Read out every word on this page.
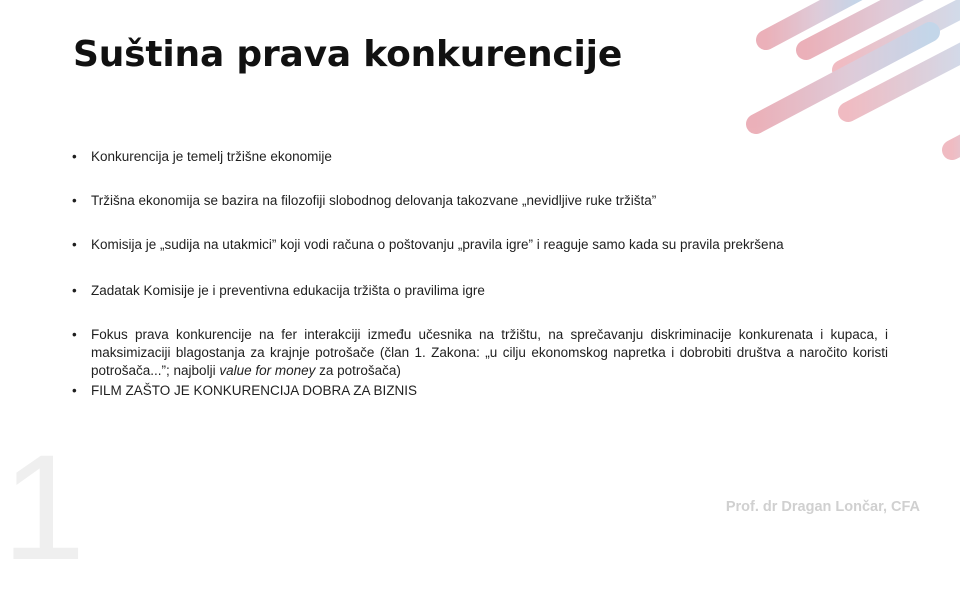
1
Suština prava konkurencije
•	Konkurencija je temelj tržišne ekonomije
•	Tržišna ekonomija se bazira na filozofiji slobodnog delovanja takozvane „nevidljive ruke tržišta”
•	Komisija je „sudija na utakmici” koji vodi računa o poštovanju „pravila igre” i reaguje samo kada su pravila prekršena
•	Zadatak Komisije je i preventivna edukacija tržišta o pravilima igre
•	Fokus prava konkurencije na fer interakciji između učesnika na tržištu, na sprečavanju diskriminacije konkurenata i kupaca, i maksimizaciji blagostanja za krajnje potrošače (član 1. Zakona: „u cilju ekonomskog napretka i dobrobiti društva a naročito koristi potrošača...”; najbolji value for money za potrošača)
•	FILM ZAŠTO JE KONKURENCIJA DOBRA ZA BIZNIS
Prof. dr Dragan Lončar, CFA
